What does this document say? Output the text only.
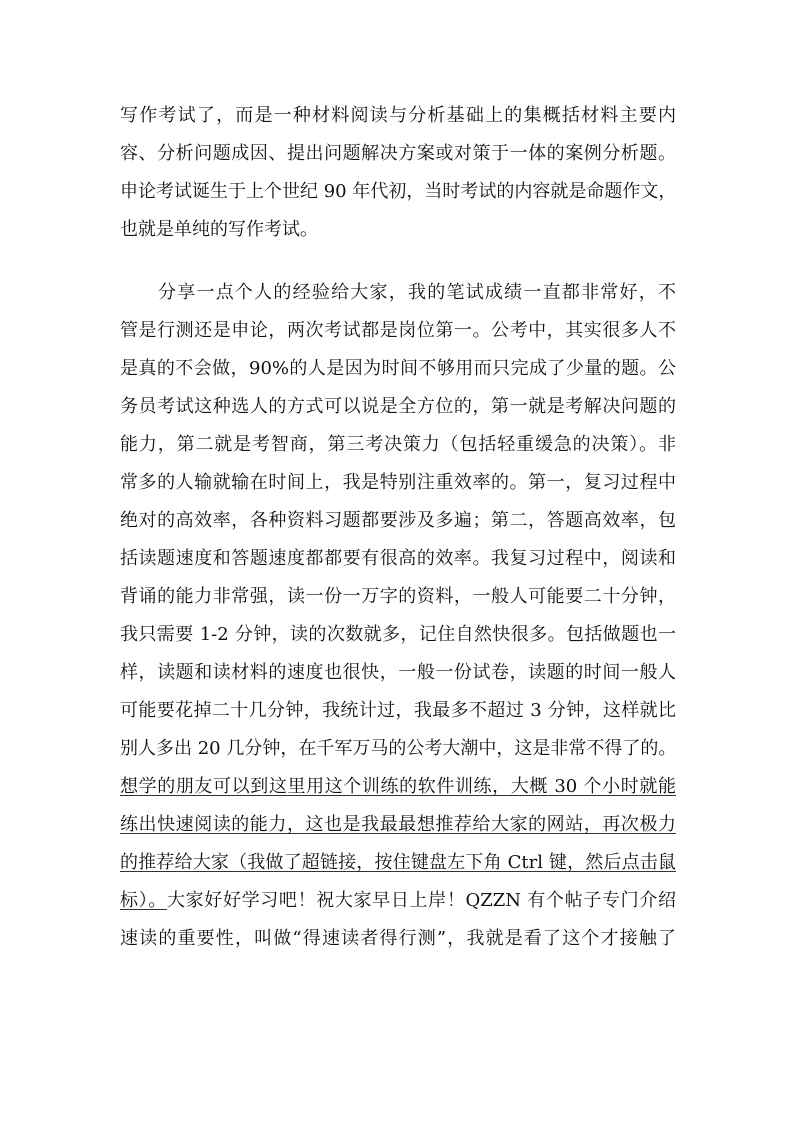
写作考试了，而是一种材料阅读与分析基础上的集概括材料主要内
容、分析问题成因、提出问题解决方案或对策于一体的案例分析题。
申论考试诞生于上个世纪 90 年代初，当时考试的内容就是命题作文，
也就是单纯的写作考试。
分享一点个人的经验给大家，我的笔试成绩一直都非常好，不
管是行测还是申论，两次考试都是岗位第一。公考中，其实很多人不
是真的不会做，90%的人是因为时间不够用而只完成了少量的题。公
务员考试这种选人的方式可以说是全方位的，第一就是考解决问题的
能力，第二就是考智商，第三考决策力（包括轻重缓急的决策）。非
常多的人输就输在时间上，我是特别注重效率的。第一，复习过程中
绝对的高效率，各种资料习题都要涉及多遍；第二，答题高效率，包
括读题速度和答题速度都都要有很高的效率。我复习过程中，阅读和
背诵的能力非常强，读一份一万字的资料，一般人可能要二十分钟，
我只需要 1-2 分钟，读的次数就多，记住自然快很多。包括做题也一
样，读题和读材料的速度也很快，一般一份试卷，读题的时间一般人
可能要花掉二十几分钟，我统计过，我最多不超过 3 分钟，这样就比
别人多出 20 几分钟，在千军万马的公考大潮中，这是非常不得了的。
想学的朋友可以到这里用这个训练的软件训练，大概 30 个小时就能
练出快速阅读的能力，这也是我最最想推荐给大家的网站，再次极力
的推荐给大家（我做了超链接，按住键盘左下角 Ctrl 键，然后点击鼠
标）。大家好好学习吧！祝大家早日上岸！QZZN 有个帖子专门介绍
速读的重要性，叫做“得速读者得行测”，我就是看了这个才接触了
